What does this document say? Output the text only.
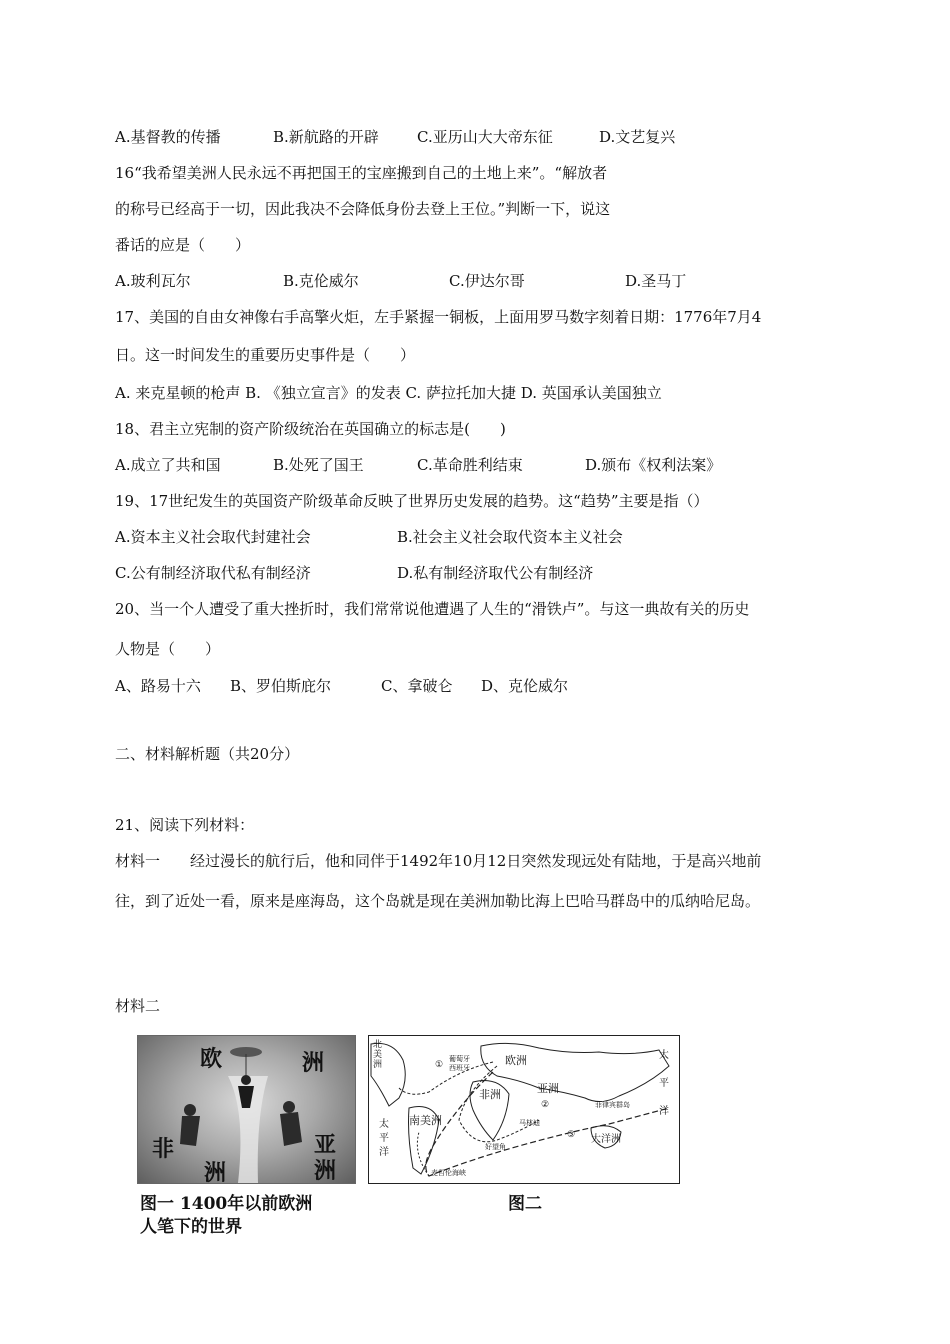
A.基督教的传播	B.新航路的开辟	C.亚历山大大帝东征	D.文艺复兴
16“我希望美洲人民永远不再把国王的宝座搬到自己的土地上来”。“解放者
的称号已经高于一切，因此我决不会降低身份去登上王位。”判断一下，说这
番话的应是（　　）
A.玻利瓦尔	B.克伦威尔	C.伊达尔哥	D.圣马丁
17、美国的自由女神像右手高擎火炬，左手紧握一铜板，上面用罗马数字刻着日期：1776年7月4
日。这一时间发生的重要历史事件是（　　）
A. 来克星顿的枪声 B. 《独立宣言》的发表 C. 萨拉托加大捷 D. 英国承认美国独立
18、君主立宪制的资产阶级统治在英国确立的标志是(　　)
A.成立了共和国	B.处死了国王	C.革命胜利结束	D.颁布《权利法案》
19、17世纪发生的英国资产阶级革命反映了世界历史发展的趋势。这“趋势”主要是指（）
A.资本主义社会取代封建社会	B.社会主义社会取代资本主义社会
C.公有制经济取代私有制经济	D.私有制经济取代公有制经济
20、当一个人遭受了重大挫折时，我们常常说他遭遇了人生的“滑铁卢”。与这一典故有关的历史
人物是（　　）
A、路易十六 B、罗伯斯庇尔	C、拿破仑 D、克伦威尔
二、材料解析题（共20分）
21、阅读下列材料：
材料一　　经过漫长的航行后，他和同伴于1492年10月12日突然发现远处有陆地，于是高兴地前
往，到了近处一看，原来是座海岛，这个岛就是现在美洲加勒比海上巴哈马群岛中的瓜纳哈尼岛。
材料二
欧	洲
非
洲
亚
洲
图一 1400年以前欧洲
人笔下的世界
北美洲	欧洲
非洲	亚洲
南美洲
大洋洲
太平洋
太平洋
①
②
③
葡萄牙
西班牙
麦哲伦海峡
好望角
菲律宾群岛
马林迪
图二
